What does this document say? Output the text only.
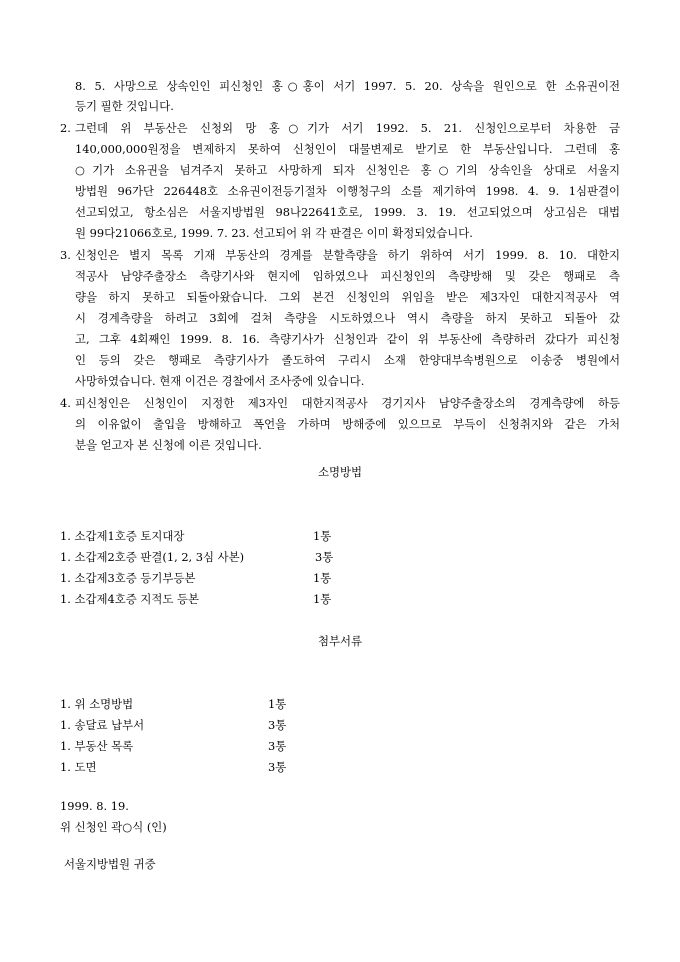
8. 5. 사망으로 상속인인 피신청인 홍○홍이 서기 1997. 5. 20. 상속을 원인으로 한 소유권이전
등기 필한 것입니다.
2. 그런데 위 부동산은 신청외 망 홍○기가 서기 1992. 5. 21. 신청인으로부터 차용한 금
140,000,000원정을 변제하지 못하여 신청인이 대물변제로 받기로 한 부동산입니다. 그런데 홍
○기가 소유권을 넘겨주지 못하고 사망하게 되자 신청인은 홍○기의 상속인을 상대로 서울지
방법원 96가단 226448호 소유권이전등기절차 이행청구의 소를 제기하여 1998. 4. 9. 1심판결이
선고되었고, 항소심은 서울지방법원 98나22641호로, 1999. 3. 19. 선고되었으며 상고심은 대법
원 99다21066호로, 1999. 7. 23. 선고되어 위 각 판결은 이미 확정되었습니다.
3. 신청인은 별지 목록 기재 부동산의 경계를 분할측량을 하기 위하여 서기 1999. 8. 10. 대한지
적공사 남양주출장소 측량기사와 현지에 임하였으나 피신청인의 측량방해 및 갖은 행패로 측
량을 하지 못하고 되돌아왔습니다. 그외 본건 신청인의 위임을 받은 제3자인 대한지적공사 역
시 경계측량을 하려고 3회에 걸쳐 측량을 시도하였으나 역시 측량을 하지 못하고 되돌아 갔
고, 그후 4회째인 1999. 8. 16. 측량기사가 신청인과 같이 위 부동산에 측량하러 갔다가 피신청
인 등의 갖은 행패로 측량기사가 졸도하여 구리시 소재 한양대부속병원으로 이송중 병원에서
사망하였습니다. 현재 이건은 경찰에서 조사중에 있습니다.
4. 피신청인은 신청인이 지정한 제3자인 대한지적공사 경기지사 남양주출장소의 경계측량에 하등
의 이유없이 출입을 방해하고 폭언을 가하며 방해중에 있으므로 부득이 신청취지와 같은 가처
분을 얻고자 본 신청에 이른 것입니다.
소명방법
1. 소갑제1호증 토지대장	1통
1. 소갑제2호증 판결(1, 2, 3심 사본)	3통
1. 소갑제3호증 등기부등본	1통
1. 소갑제4호증 지적도 등본	1통
첨부서류
1. 위 소명방법	1통
1. 송달료 납부서	3통
1. 부동산 목록	3통
1. 도면	3통
1999. 8. 19.
위 신청인 곽○식 (인)
서울지방법원 귀중
